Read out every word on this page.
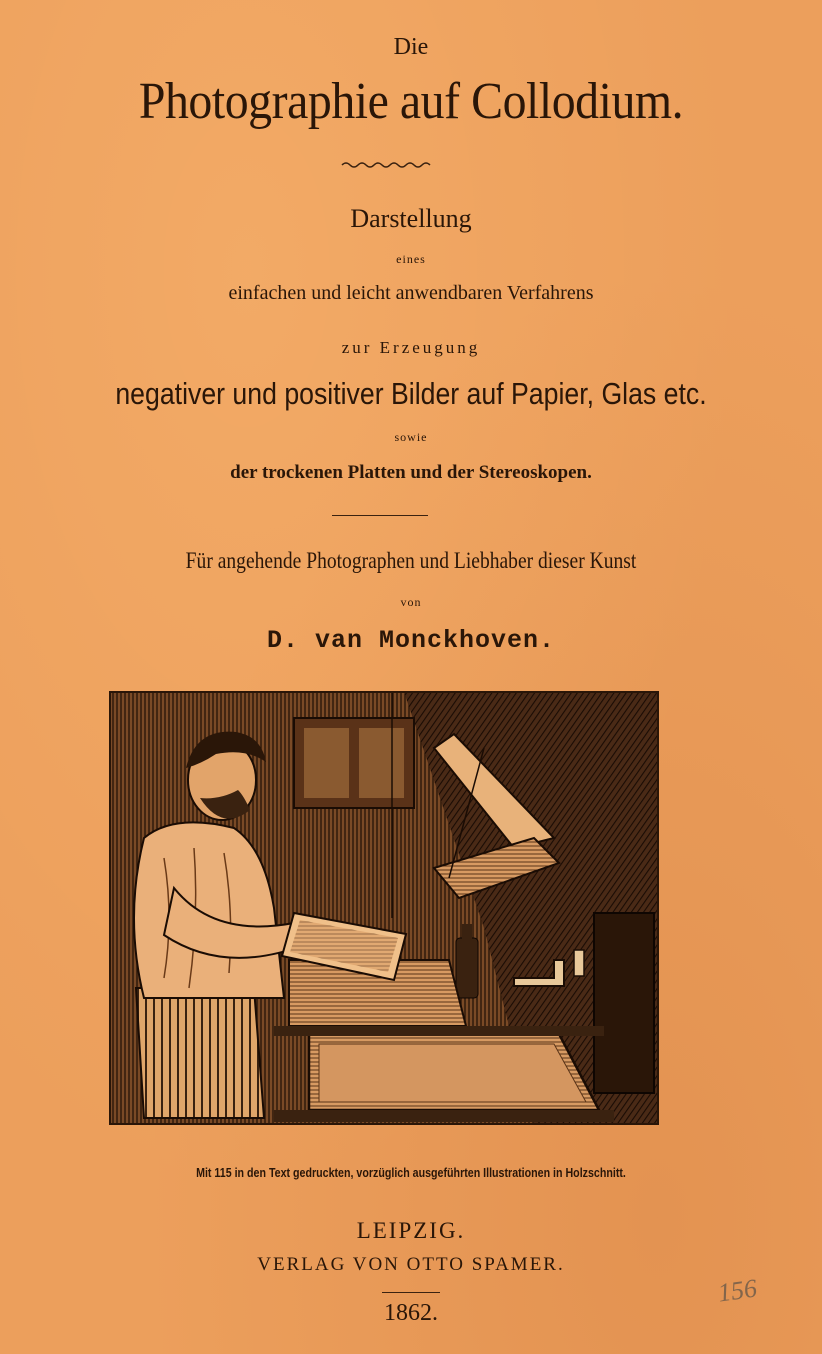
Die
Photographie auf Collodium.
Darstellung
eines
einfachen und leicht anwendbaren Verfahrens
zur Erzeugung
negativer und positiver Bilder auf Papier, Glas etc.
sowie
der trockenen Platten und der Stereoskopen.
Für angehende Photographen und Liebhaber dieser Kunst
von
D. van Monckhoven.
Mit 115 in den Text gedruckten, vorzüglich ausgeführten Illustrationen in Holzschnitt.
LEIPZIG.
VERLAG VON OTTO SPAMER.
1862.
156
